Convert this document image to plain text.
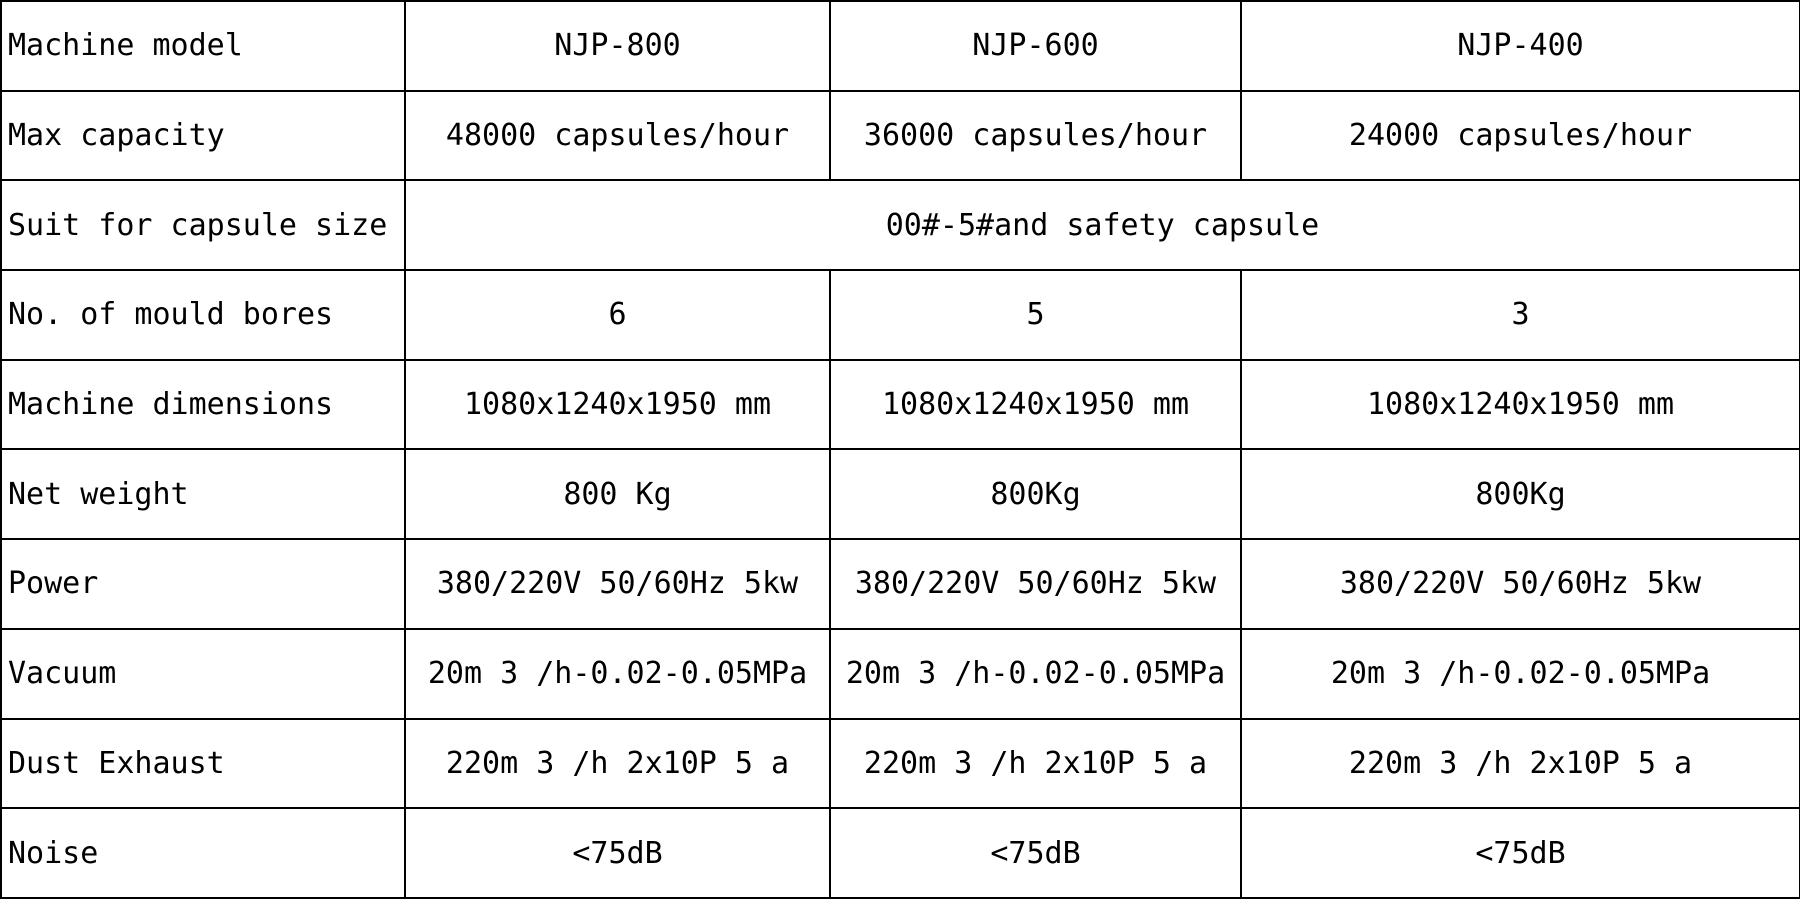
Machine model	NJP-800	NJP-600	NJP-400
Max capacity	48000 capsules/hour	36000 capsules/hour	24000 capsules/hour
Suit for capsule size	00#-5#and safety capsule		
No. of mould bores	6	5	3
Machine dimensions	1080x1240x1950 mm	1080x1240x1950 mm	1080x1240x1950 mm
Net weight	800 Kg	800Kg	800Kg
Power	380/220V 50/60Hz 5kw	380/220V 50/60Hz 5kw	380/220V 50/60Hz 5kw
Vacuum	20m 3 /h-0.02-0.05MPa	20m 3 /h-0.02-0.05MPa	20m 3 /h-0.02-0.05MPa
Dust Exhaust	220m 3 /h 2x10P 5 a	220m 3 /h 2x10P 5 a	220m 3 /h 2x10P 5 a
Noise	<75dB	<75dB	<75dB
